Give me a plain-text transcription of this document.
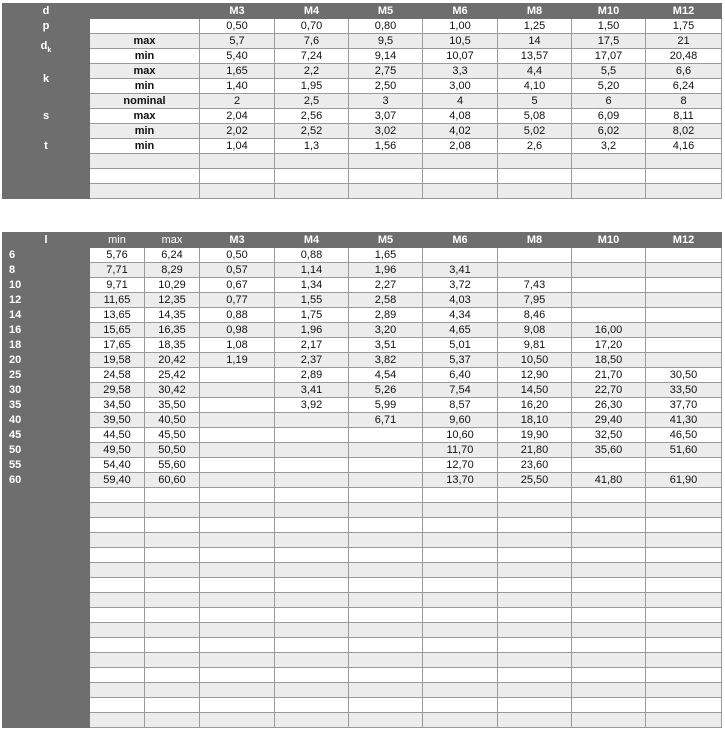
d		M3	M4	M5	M6	M8	M10	M12
p		0,50	0,70	0,80	1,00	1,25	1,50	1,75
$d_k$	max	5,7	7,6	9,5	10,5	14	17,5	21
	min	5,40	7,24	9,14	10,07	13,57	17,07	20,48
k	max	1,65	2,2	2,75	3,3	4,4	5,5	6,6
	min	1,40	1,95	2,50	3,00	4,10	5,20	6,24
s	nominal	2	2,5	3	4	5	6	8
	max	2,04	2,56	3,07	4,08	5,08	6,09	8,11
	min	2,02	2,52	3,02	4,02	5,02	6,02	8,02
t	min	1,04	1,3	1,56	2,08	2,6	3,2	4,16

l	min	max	M3	M4	M5	M6	M8	M10	M12
6	5,76	6,24	0,50	0,88	1,65				
8	7,71	8,29	0,57	1,14	1,96	3,41			
10	9,71	10,29	0,67	1,34	2,27	3,72	7,43		
12	11,65	12,35	0,77	1,55	2,58	4,03	7,95		
14	13,65	14,35	0,88	1,75	2,89	4,34	8,46		
16	15,65	16,35	0,98	1,96	3,20	4,65	9,08	16,00	
18	17,65	18,35	1,08	2,17	3,51	5,01	9,81	17,20	
20	19,58	20,42	1,19	2,37	3,82	5,37	10,50	18,50	
25	24,58	25,42		2,89	4,54	6,40	12,90	21,70	30,50
30	29,58	30,42		3,41	5,26	7,54	14,50	22,70	33,50
35	34,50	35,50		3,92	5,99	8,57	16,20	26,30	37,70
40	39,50	40,50			6,71	9,60	18,10	29,40	41,30
45	44,50	45,50				10,60	19,90	32,50	46,50
50	49,50	50,50				11,70	21,80	35,60	51,60
55	54,40	55,60				12,70	23,60		
60	59,40	60,60				13,70	25,50	41,80	61,90
